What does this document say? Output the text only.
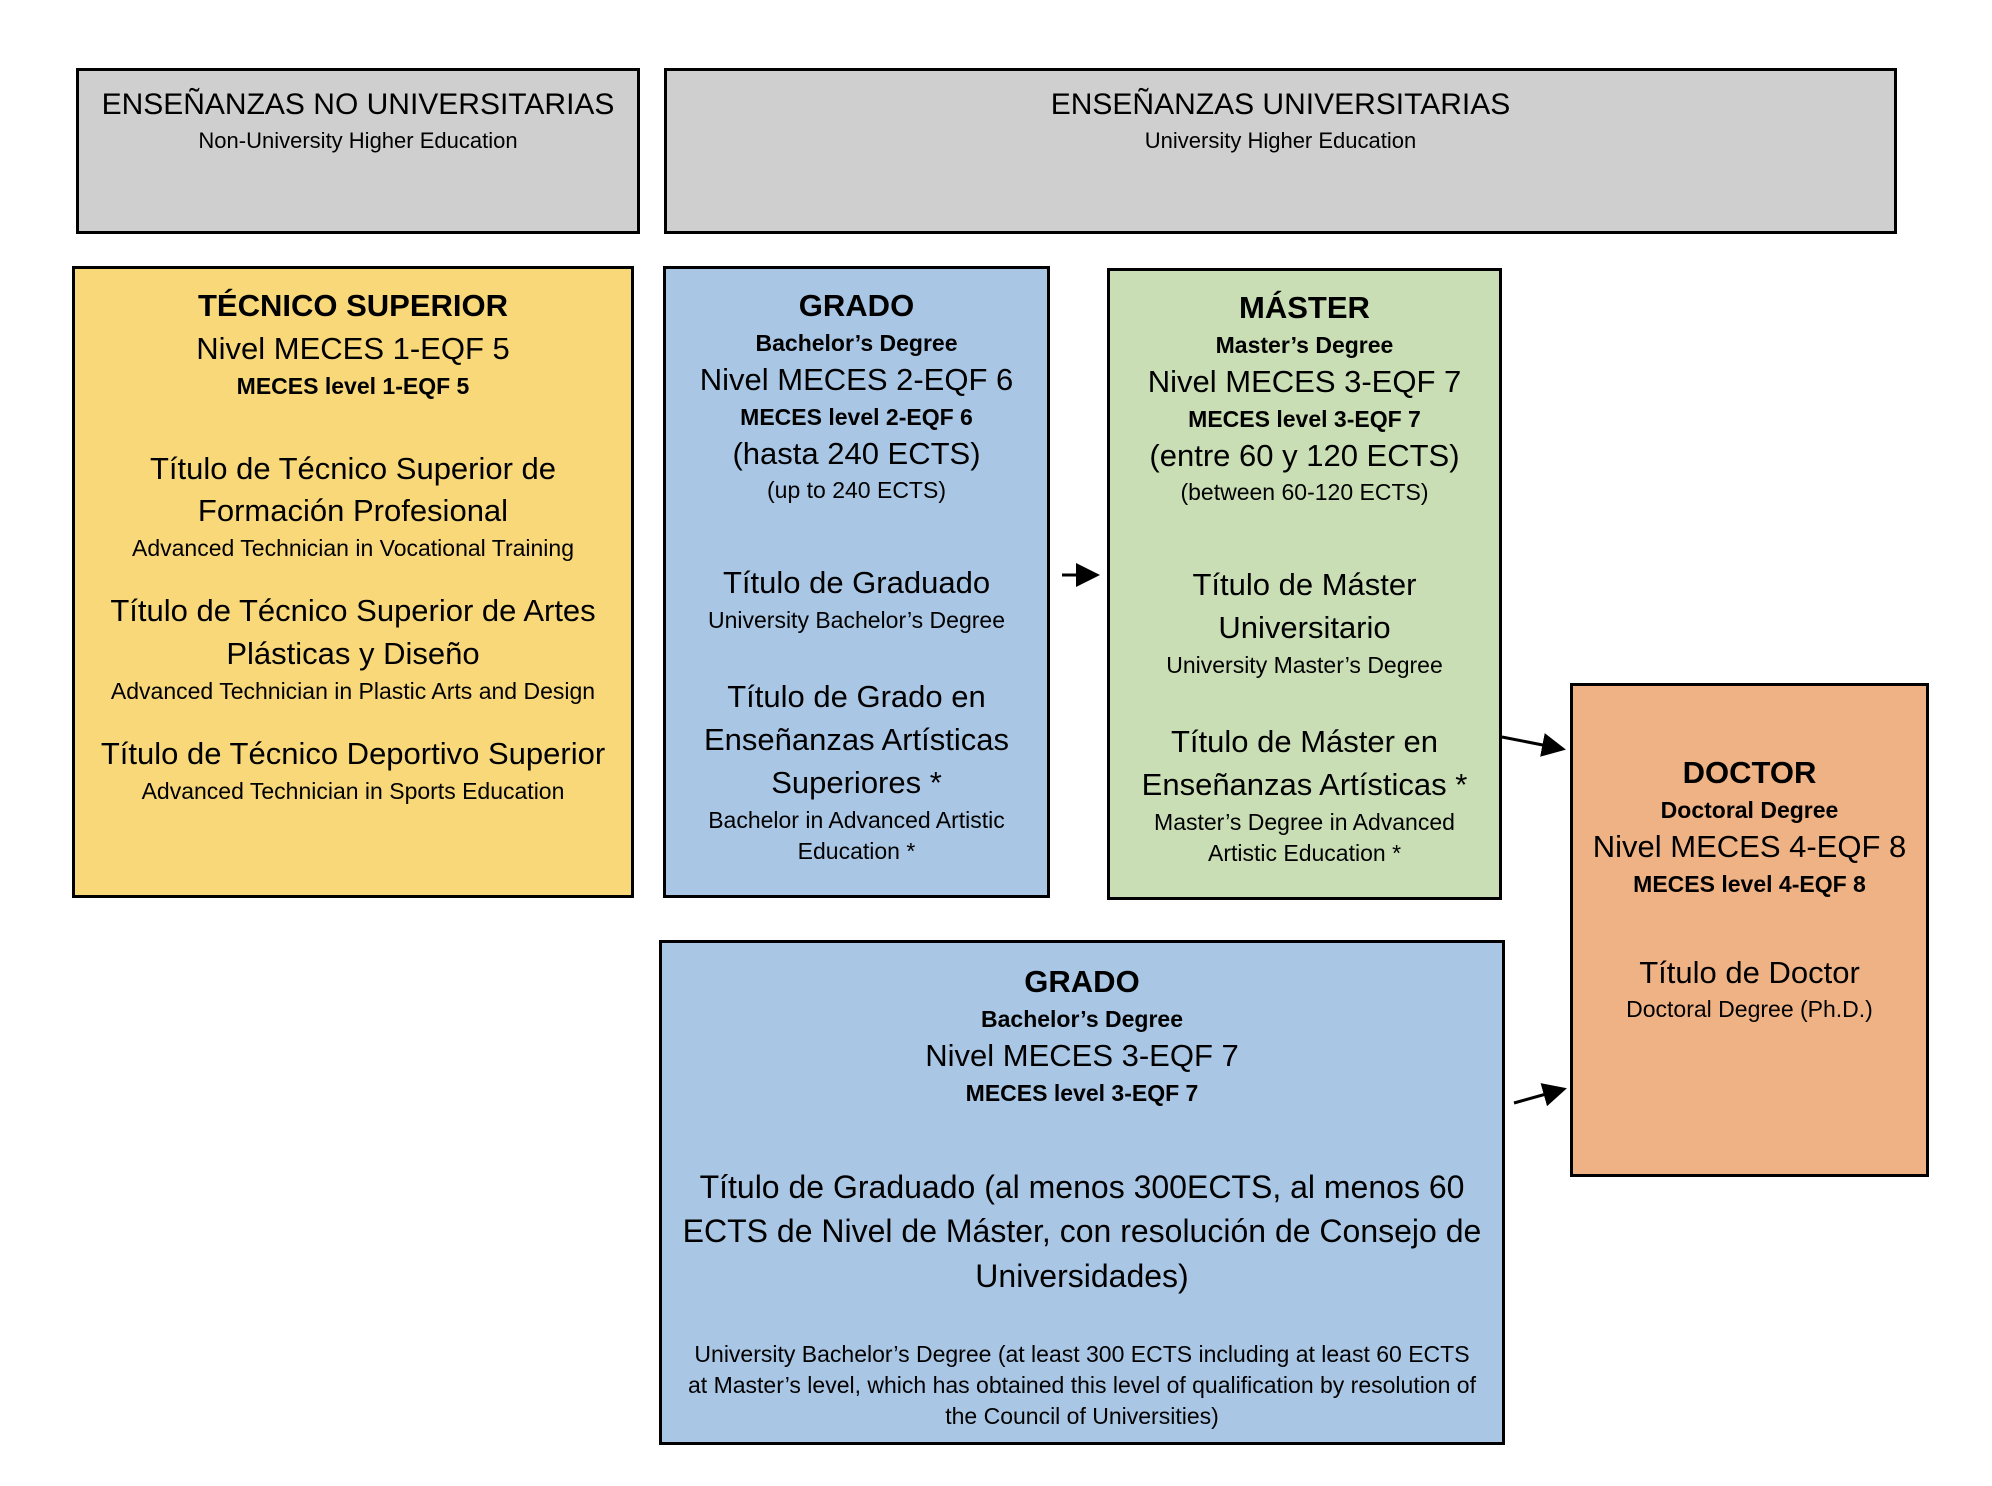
ENSEÑANZAS NO UNIVERSITARIAS
Non-University Higher Education
ENSEÑANZAS UNIVERSITARIAS
University Higher Education
TÉCNICO SUPERIOR
Nivel MECES 1-EQF 5
MECES level 1-EQF 5
Título de Técnico Superior de Formación Profesional
Advanced Technician in Vocational Training
Título de Técnico Superior de Artes Plásticas y Diseño
Advanced Technician in Plastic Arts and Design
Título de Técnico Deportivo Superior
Advanced Technician in Sports Education
GRADO
Bachelor’s Degree
Nivel MECES 2-EQF 6
MECES level 2-EQF 6
(hasta 240 ECTS)
(up to 240 ECTS)
Título de Graduado
University Bachelor’s Degree
Título de Grado en Enseñanzas Artísticas Superiores *
Bachelor in Advanced Artistic Education *
MÁSTER
Master’s Degree
Nivel MECES 3-EQF 7
MECES level 3-EQF 7
(entre 60 y 120 ECTS)
(between 60-120 ECTS)
Título de Máster Universitario
University Master’s Degree
Título de Máster en Enseñanzas Artísticas *
Master’s Degree in Advanced Artistic Education *
DOCTOR
Doctoral Degree
Nivel MECES 4-EQF 8
MECES level 4-EQF 8
Título de Doctor
Doctoral Degree (Ph.D.)
GRADO
Bachelor’s Degree
Nivel MECES 3-EQF 7
MECES level 3-EQF 7
Título de Graduado (al menos 300ECTS, al menos 60 ECTS de Nivel de Máster, con resolución de Consejo de Universidades)
University Bachelor’s Degree (at least 300 ECTS including at least 60 ECTS at Master’s level, which has obtained this level of qualification by resolution of the Council of Universities)
